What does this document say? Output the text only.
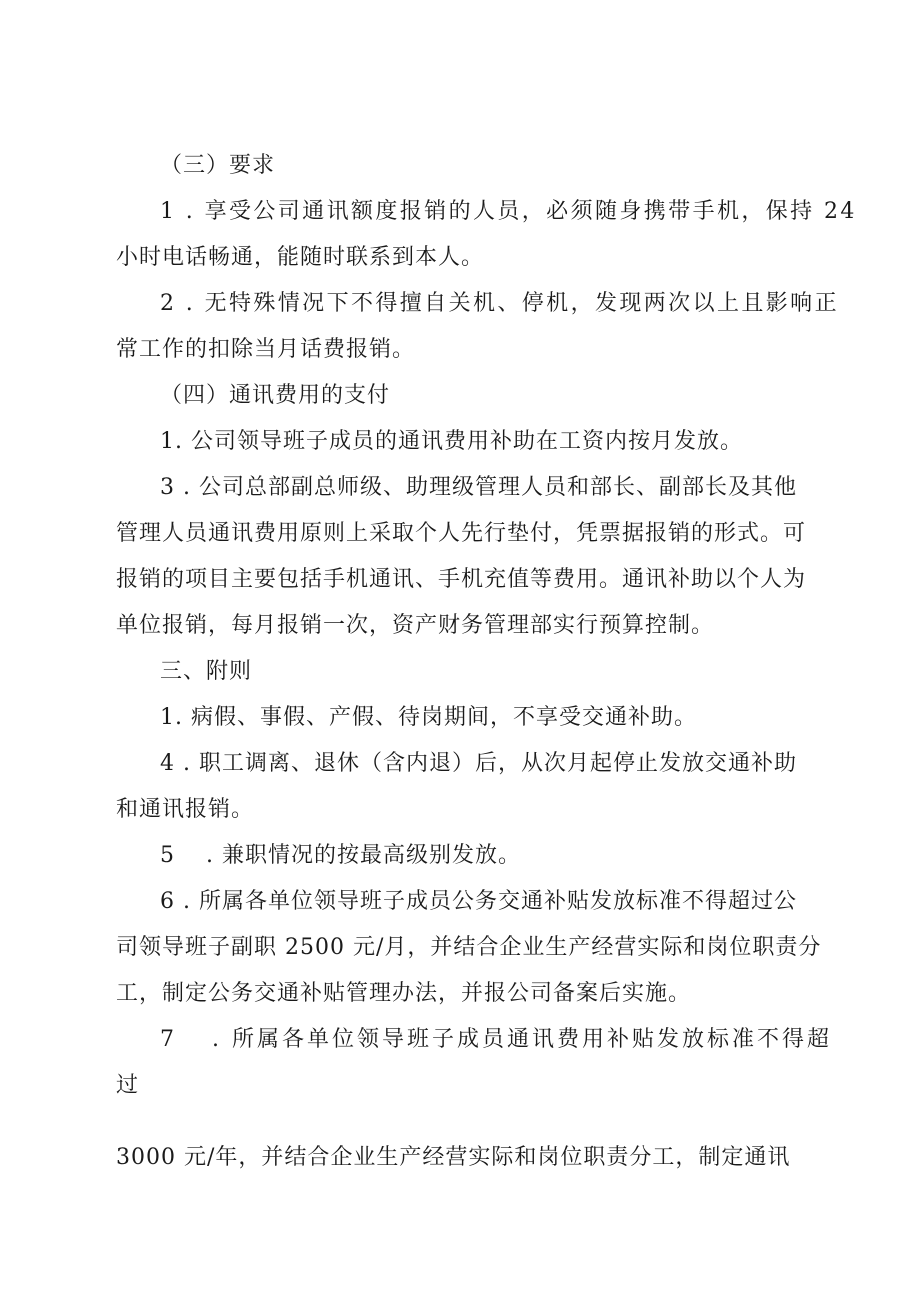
（三）要求
1 . 享受公司通讯额度报销的人员，必须随身携带手机，保持 24
小时电话畅通，能随时联系到本人。
2 . 无特殊情况下不得擅自关机、停机，发现两次以上且影响正
常工作的扣除当月话费报销。
（四）通讯费用的支付
1. 公司领导班子成员的通讯费用补助在工资内按月发放。
3 . 公司总部副总师级、助理级管理人员和部长、副部长及其他
管理人员通讯费用原则上采取个人先行垫付，凭票据报销的形式。可
报销的项目主要包括手机通讯、手机充值等费用。通讯补助以个人为
单位报销，每月报销一次，资产财务管理部实行预算控制。
三、附则
1. 病假、事假、产假、待岗期间，不享受交通补助。
4 . 职工调离、退休（含内退）后，从次月起停止发放交通补助
和通讯报销。
5　 . 兼职情况的按最高级别发放。
6 . 所属各单位领导班子成员公务交通补贴发放标准不得超过公
司领导班子副职 2500 元/月，并结合企业生产经营实际和岗位职责分
工，制定公务交通补贴管理办法，并报公司备案后实施。
7　 . 所属各单位领导班子成员通讯费用补贴发放标准不得超
过
3000 元/年，并结合企业生产经营实际和岗位职责分工，制定通讯
